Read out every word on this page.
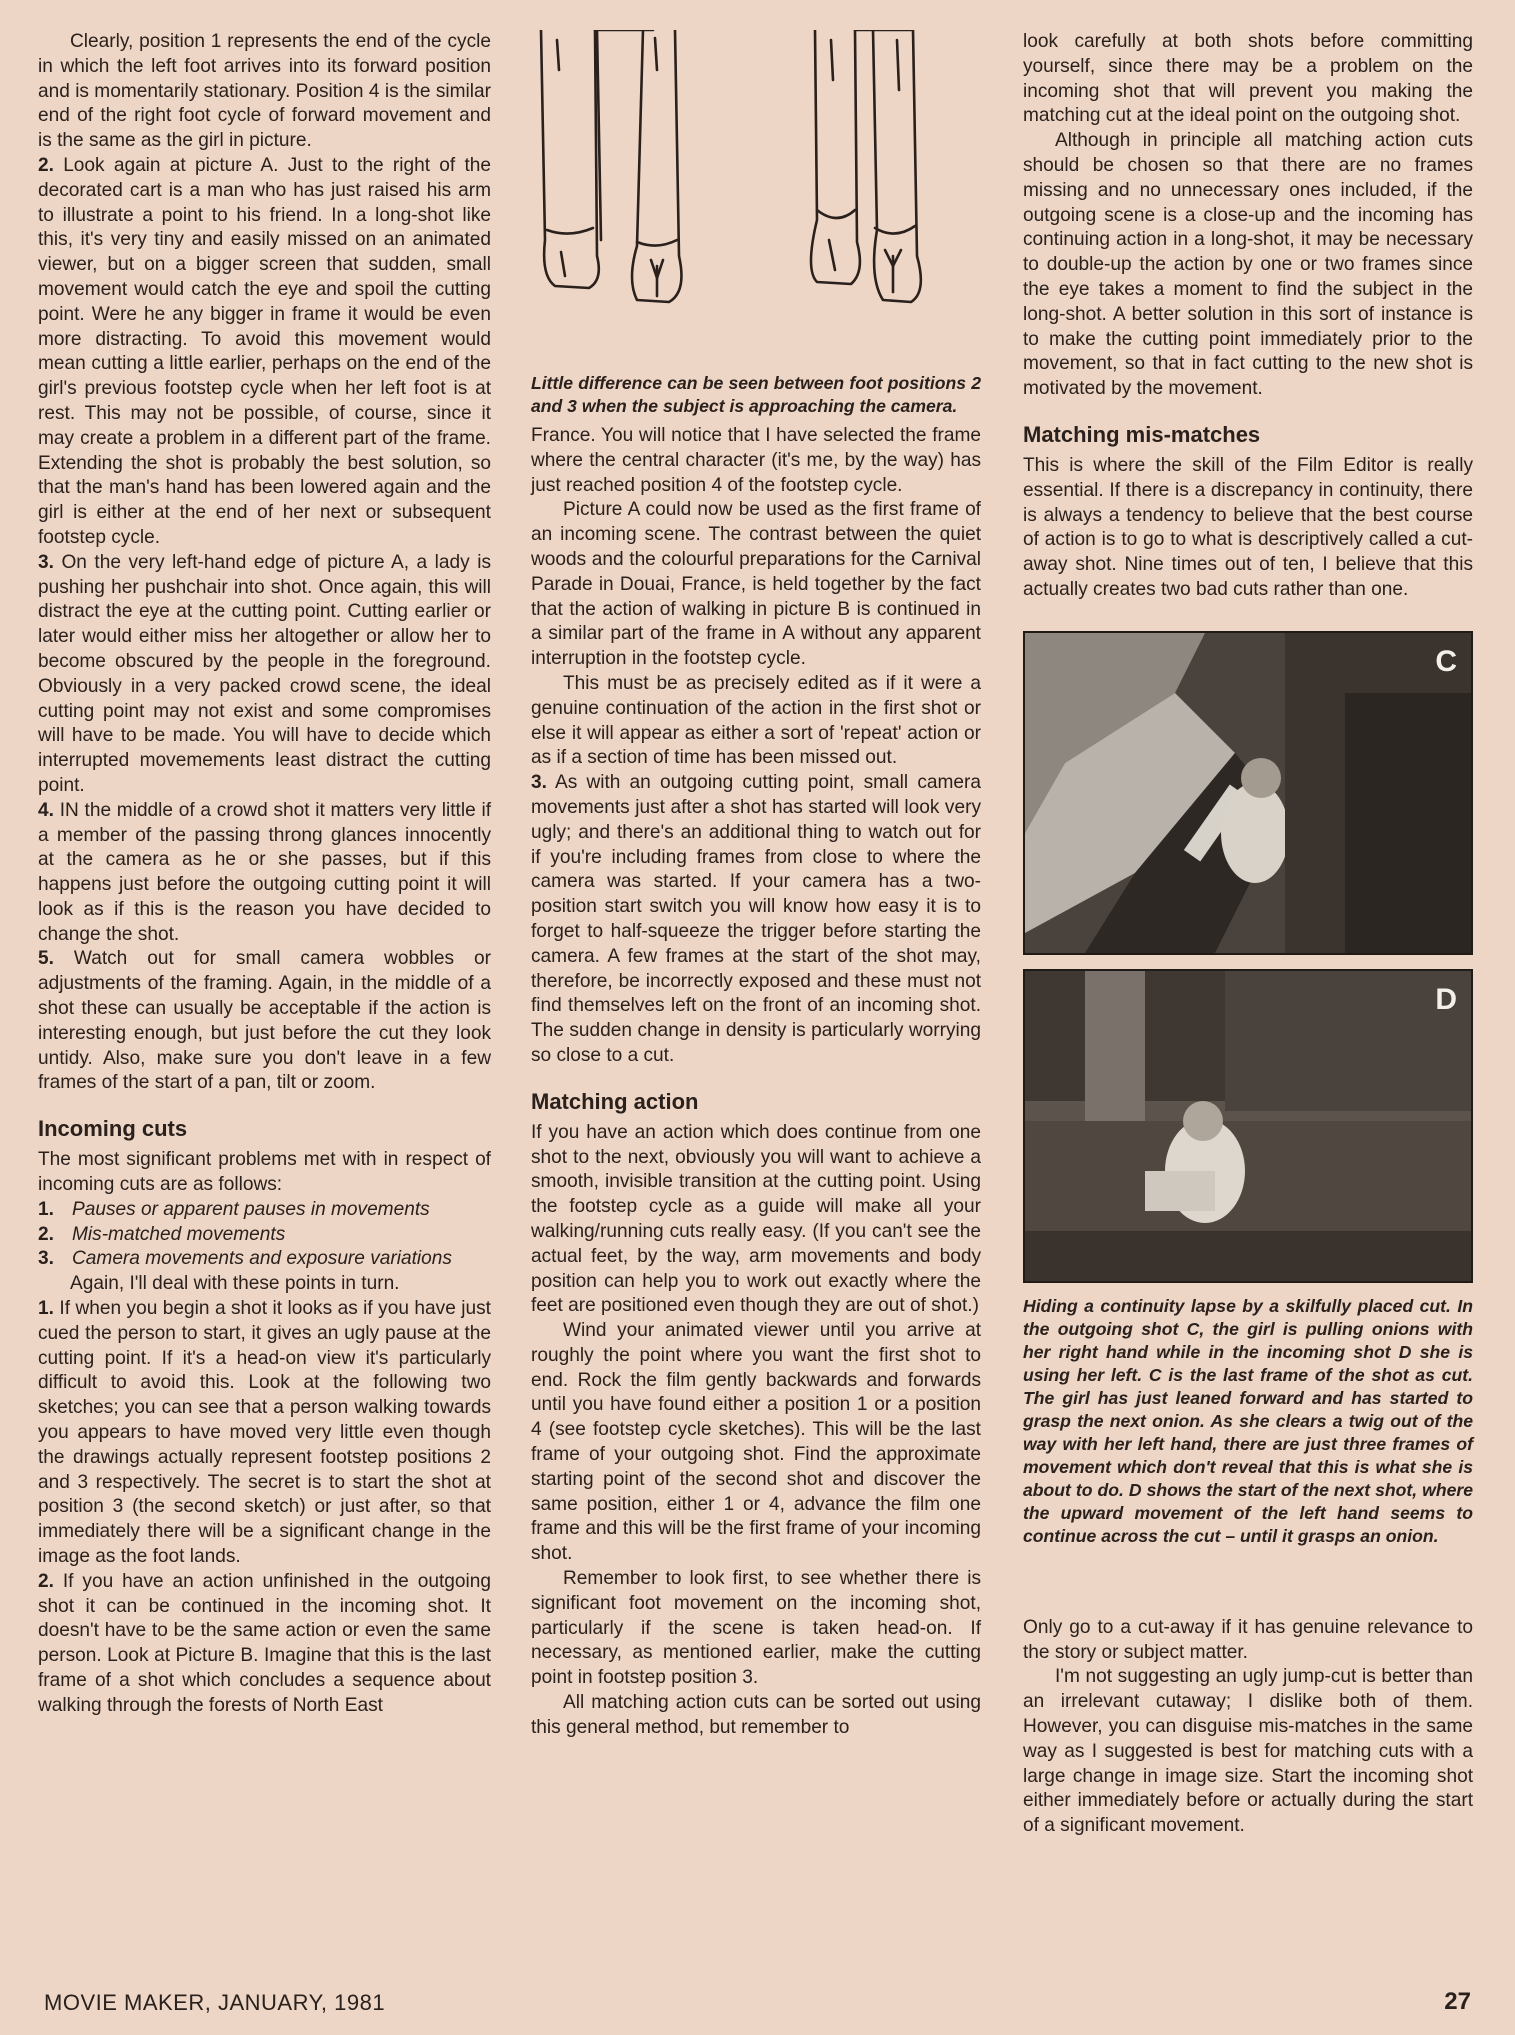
Clearly, position 1 represents the end of the cycle in which the left foot arrives into its forward position and is momentarily stationary. Position 4 is the similar end of the right foot cycle of forward movement and is the same as the girl in picture.

2. Look again at picture A. Just to the right of the decorated cart is a man who has just raised his arm to illustrate a point to his friend. In a long-shot like this, it's very tiny and easily missed on an animated viewer, but on a bigger screen that sudden, small movement would catch the eye and spoil the cutting point. Were he any bigger in frame it would be even more distracting. To avoid this movement would mean cutting a little earlier, perhaps on the end of the girl's previous footstep cycle when her left foot is at rest. This may not be possible, of course, since it may create a problem in a different part of the frame. Extending the shot is probably the best solution, so that the man's hand has been lowered again and the girl is either at the end of her next or subsequent footstep cycle.

3. On the very left-hand edge of picture A, a lady is pushing her pushchair into shot. Once again, this will distract the eye at the cutting point. Cutting earlier or later would either miss her altogether or allow her to become obscured by the people in the foreground. Obviously in a very packed crowd scene, the ideal cutting point may not exist and some compromises will have to be made. You will have to decide which interrupted movemements least distract the cutting point.

4. IN the middle of a crowd shot it matters very little if a member of the passing throng glances innocently at the camera as he or she passes, but if this happens just before the outgoing cutting point it will look as if this is the reason you have decided to change the shot.

5. Watch out for small camera wobbles or adjustments of the framing. Again, in the middle of a shot these can usually be acceptable if the action is interesting enough, but just before the cut they look untidy. Also, make sure you don't leave in a few frames of the start of a pan, tilt or zoom.

Incoming cuts

The most significant problems met with in respect of incoming cuts are as follows:

1. Pauses or apparent pauses in movements
2. Mis-matched movements
3. Camera movements and exposure variations

Again, I'll deal with these points in turn.

1. If when you begin a shot it looks as if you have just cued the person to start, it gives an ugly pause at the cutting point. If it's a head-on view it's particularly difficult to avoid this. Look at the following two sketches; you can see that a person walking towards you appears to have moved very little even though the drawings actually represent footstep positions 2 and 3 respectively. The secret is to start the shot at position 3 (the second sketch) or just after, so that immediately there will be a significant change in the image as the foot lands.

2. If you have an action unfinished in the outgoing shot it can be continued in the incoming shot. It doesn't have to be the same action or even the same person. Look at Picture B. Imagine that this is the last frame of a shot which concludes a sequence about walking through the forests of North East

Little difference can be seen between foot positions 2 and 3 when the subject is approaching the camera.

France. You will notice that I have selected the frame where the central character (it's me, by the way) has just reached position 4 of the footstep cycle.

Picture A could now be used as the first frame of an incoming scene. The contrast between the quiet woods and the colourful preparations for the Carnival Parade in Douai, France, is held together by the fact that the action of walking in picture B is continued in a similar part of the frame in A without any apparent interruption in the footstep cycle.

This must be as precisely edited as if it were a genuine continuation of the action in the first shot or else it will appear as either a sort of 'repeat' action or as if a section of time has been missed out.

3. As with an outgoing cutting point, small camera movements just after a shot has started will look very ugly; and there's an additional thing to watch out for if you're including frames from close to where the camera was started. If your camera has a two-position start switch you will know how easy it is to forget to half-squeeze the trigger before starting the camera. A few frames at the start of the shot may, therefore, be incorrectly exposed and these must not find themselves left on the front of an incoming shot. The sudden change in density is particularly worrying so close to a cut.

Matching action

If you have an action which does continue from one shot to the next, obviously you will want to achieve a smooth, invisible transition at the cutting point. Using the footstep cycle as a guide will make all your walking/running cuts really easy. (If you can't see the actual feet, by the way, arm movements and body position can help you to work out exactly where the feet are positioned even though they are out of shot.)

Wind your animated viewer until you arrive at roughly the point where you want the first shot to end. Rock the film gently backwards and forwards until you have found either a position 1 or a position 4 (see footstep cycle sketches). This will be the last frame of your outgoing shot. Find the approximate starting point of the second shot and discover the same position, either 1 or 4, advance the film one frame and this will be the first frame of your incoming shot.

Remember to look first, to see whether there is significant foot movement on the incoming shot, particularly if the scene is taken head-on. If necessary, as mentioned earlier, make the cutting point in footstep position 3.

All matching action cuts can be sorted out using this general method, but remember to

look carefully at both shots before committing yourself, since there may be a problem on the incoming shot that will prevent you making the matching cut at the ideal point on the outgoing shot.

Although in principle all matching action cuts should be chosen so that there are no frames missing and no unnecessary ones included, if the outgoing scene is a close-up and the incoming has continuing action in a long-shot, it may be necessary to double-up the action by one or two frames since the eye takes a moment to find the subject in the long-shot. A better solution in this sort of instance is to make the cutting point immediately prior to the movement, so that in fact cutting to the new shot is motivated by the movement.

Matching mis-matches

This is where the skill of the Film Editor is really essential. If there is a discrepancy in continuity, there is always a tendency to believe that the best course of action is to go to what is descriptively called a cut-away shot. Nine times out of ten, I believe that this actually creates two bad cuts rather than one.

C
D

Hiding a continuity lapse by a skilfully placed cut. In the outgoing shot C, the girl is pulling onions with her right hand while in the incoming shot D she is using her left. C is the last frame of the shot as cut. The girl has just leaned forward and has started to grasp the next onion. As she clears a twig out of the way with her left hand, there are just three frames of movement which don't reveal that this is what she is about to do. D shows the start of the next shot, where the upward movement of the left hand seems to continue across the cut – until it grasps an onion.

Only go to a cut-away if it has genuine relevance to the story or subject matter.

I'm not suggesting an ugly jump-cut is better than an irrelevant cutaway; I dislike both of them. However, you can disguise mis-matches in the same way as I suggested is best for matching cuts with a large change in image size. Start the incoming shot either immediately before or actually during the start of a significant movement.

MOVIE MAKER, JANUARY, 1981	27
